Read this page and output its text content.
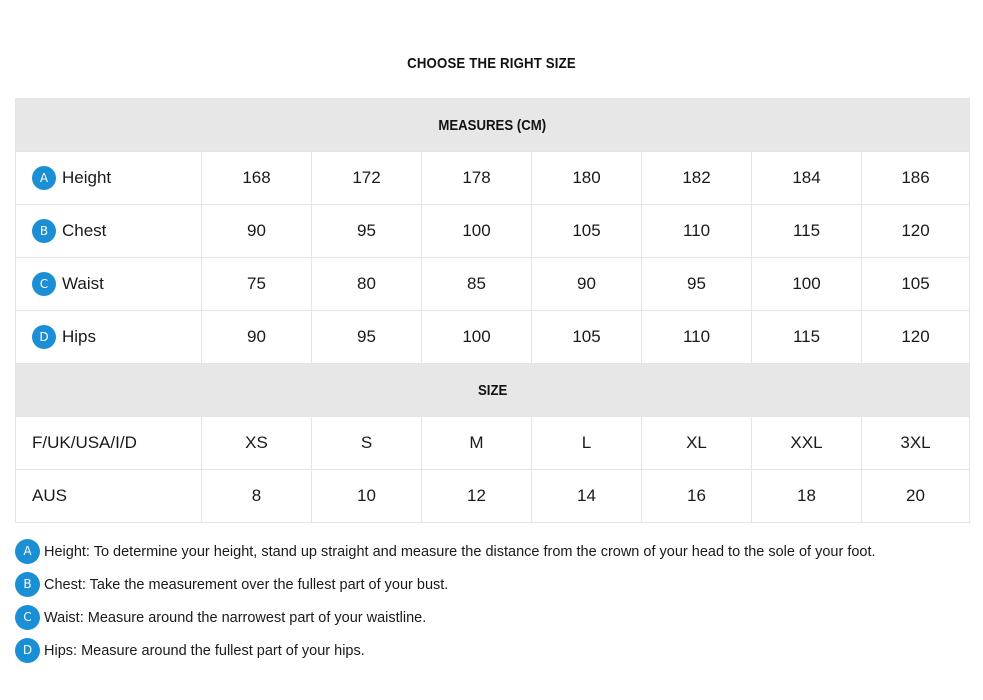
CHOOSE THE RIGHT SIZE
MEASURES (CM)							
A Height	168	172	178	180	182	184	186
B Chest	90	95	100	105	110	115	120
C Waist	75	80	85	90	95	100	105
D Hips	90	95	100	105	110	115	120
SIZE							
F/UK/USA/I/D	XS	S	M	L	XL	XXL	3XL
AUS	8	10	12	14	16	18	20
A Height: To determine your height, stand up straight and measure the distance from the crown of your head to the sole of your foot.
B Chest: Take the measurement over the fullest part of your bust.
C Waist: Measure around the narrowest part of your waistline.
D Hips: Measure around the fullest part of your hips.
